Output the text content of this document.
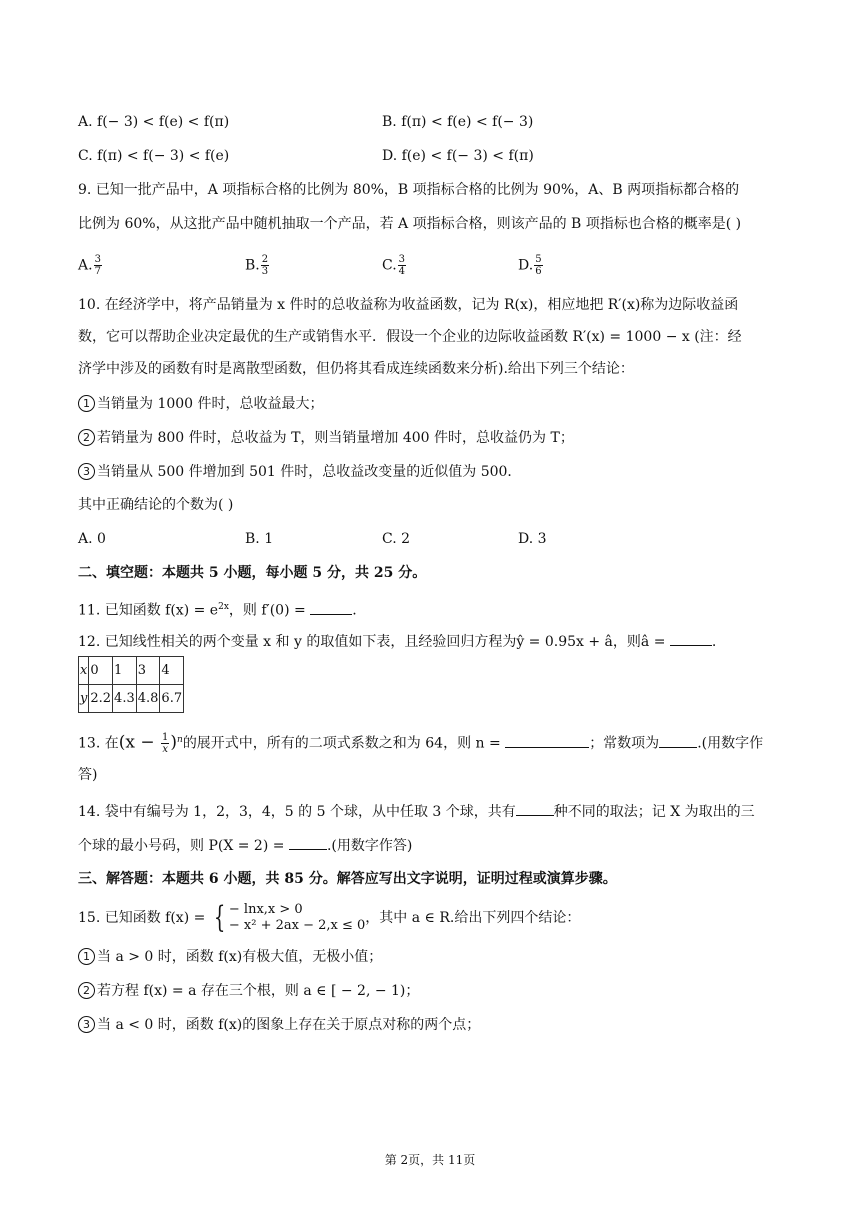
A. f(− 3) < f(e) < f(π)	B. f(π) < f(e) < f(− 3)
C. f(π) < f(− 3) < f(e)	D. f(e) < f(− 3) < f(π)
9. 已知一批产品中，A 项指标合格的比例为 80%，B 项指标合格的比例为 90%，A、B 两项指标都合格的
比例为 60%，从这批产品中随机抽取一个产品，若 A 项指标合格，则该产品的 B 项指标也合格的概率是( )
A. $\frac{3}{7}$	B. $\frac{2}{3}$	C. $\frac{3}{4}$	D. $\frac{5}{6}$
10. 在经济学中，将产品销量为 x 件时的总收益称为收益函数，记为 R(x)，相应地把 R′(x)称为边际收益函
数，它可以帮助企业决定最优的生产或销售水平．假设一个企业的边际收益函数 R′(x) = 1000 − x (注：经
济学中涉及的函数有时是离散型函数，但仍将其看成连续函数来分析).给出下列三个结论：
1 当销量为 1000 件时，总收益最大；
2 若销量为 800 件时，总收益为 T，则当销量增加 400 件时，总收益仍为 T；
3 当销量从 500 件增加到 501 件时，总收益改变量的近似值为 500．
其中正确结论的个数为( )
A. 0	B. 1	C. 2	D. 3
二、填空题：本题共 5 小题，每小题 5 分，共 25 分。
11. 已知函数 $f(x) = e^{2x}$，则 f′(0) =	.
12. 已知线性相关的两个变量 x 和 y 的取值如下表，且经验回归方程为ŷ = 0.95x + â，则â =	.
x	0	1	3	4
y	2.2	4.3	4.8	6.7
13. 在$(x - \frac{1}{x} )^n$的展开式中，所有的二项式系数之和为 64，则 n =	；常数项为	.(用数字作
答)
14. 袋中有编号为 1，2，3，4，5 的 5 个球，从中任取 3 个球，共有	种不同的取法；记 X 为取出的三
个球的最小号码，则 P(X = 2) =	.(用数字作答)
三、解答题：本题共 6 小题，共 85 分。解答应写出文字说明，证明过程或演算步骤。
15. 已知函数 f(x) = { − lnx,x > 0
− x² + 2ax − 2,x ≤ 0 ，其中 a ∈ R.给出下列四个结论：
1 当 a > 0 时，函数 f(x)有极大值，无极小值；
2 若方程 f(x) = a 存在三个根，则 a ∈ [ − 2, − 1)；
3 当 a < 0 时，函数 f(x)的图象上存在关于原点对称的两个点；
第 2页，共 11页
